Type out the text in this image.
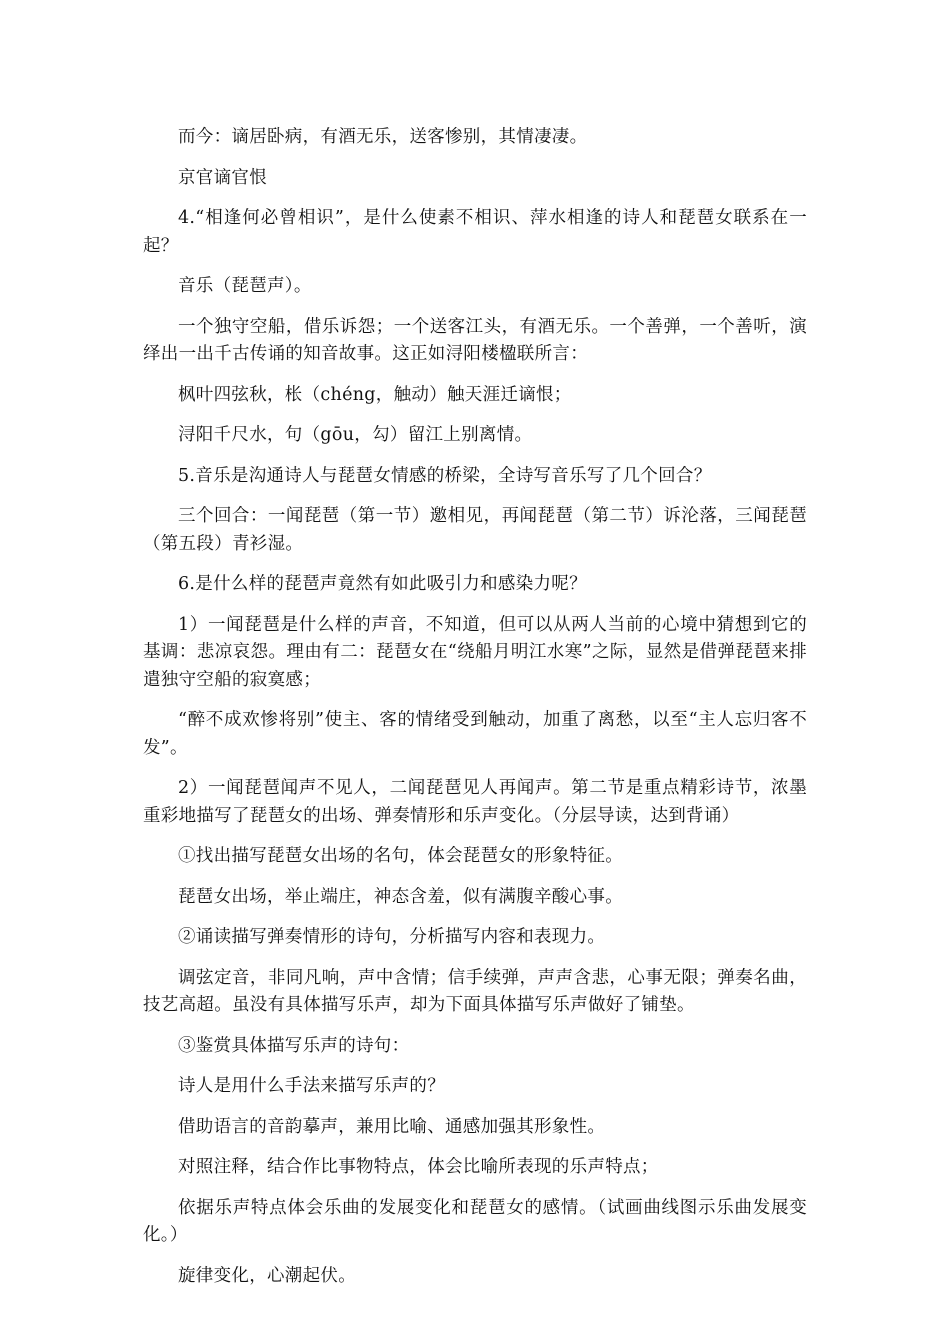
而今：谪居卧病，有酒无乐，送客惨别，其情凄凄。

京官谪官恨

4.“相逢何必曾相识”，是什么使素不相识、萍水相逢的诗人和琵琶女联系在一起？

音乐（琵琶声）。

一个独守空船，借乐诉怨；一个送客江头，有酒无乐。一个善弹，一个善听，演绎出一出千古传诵的知音故事。这正如浔阳楼楹联所言：

枫叶四弦秋，枨（chéng，触动）触天涯迁谪恨；

浔阳千尺水，句（gōu，勾）留江上别离情。

5.音乐是沟通诗人与琵琶女情感的桥梁，全诗写音乐写了几个回合？

三个回合：一闻琵琶（第一节）邀相见，再闻琵琶（第二节）诉沦落，三闻琵琶（第五段）青衫湿。

6.是什么样的琵琶声竟然有如此吸引力和感染力呢？

1）一闻琵琶是什么样的声音，不知道，但可以从两人当前的心境中猜想到它的基调：悲凉哀怨。理由有二：琵琶女在“绕船月明江水寒”之际，显然是借弹琵琶来排遣独守空船的寂寞感；

“醉不成欢惨将别”使主、客的情绪受到触动，加重了离愁，以至“主人忘归客不发”。

2）一闻琵琶闻声不见人，二闻琵琶见人再闻声。第二节是重点精彩诗节，浓墨重彩地描写了琵琶女的出场、弹奏情形和乐声变化。（分层导读，达到背诵）

①找出描写琵琶女出场的名句，体会琵琶女的形象特征。

琵琶女出场，举止端庄，神态含羞，似有满腹辛酸心事。

②诵读描写弹奏情形的诗句，分析描写内容和表现力。

调弦定音，非同凡响，声中含情；信手续弹，声声含悲，心事无限；弹奏名曲，技艺高超。虽没有具体描写乐声，却为下面具体描写乐声做好了铺垫。

③鉴赏具体描写乐声的诗句：

诗人是用什么手法来描写乐声的？

借助语言的音韵摹声，兼用比喻、通感加强其形象性。

对照注释，结合作比事物特点，体会比喻所表现的乐声特点；

依据乐声特点体会乐曲的发展变化和琵琶女的感情。（试画曲线图示乐曲发展变化。）

旋律变化，心潮起伏。
